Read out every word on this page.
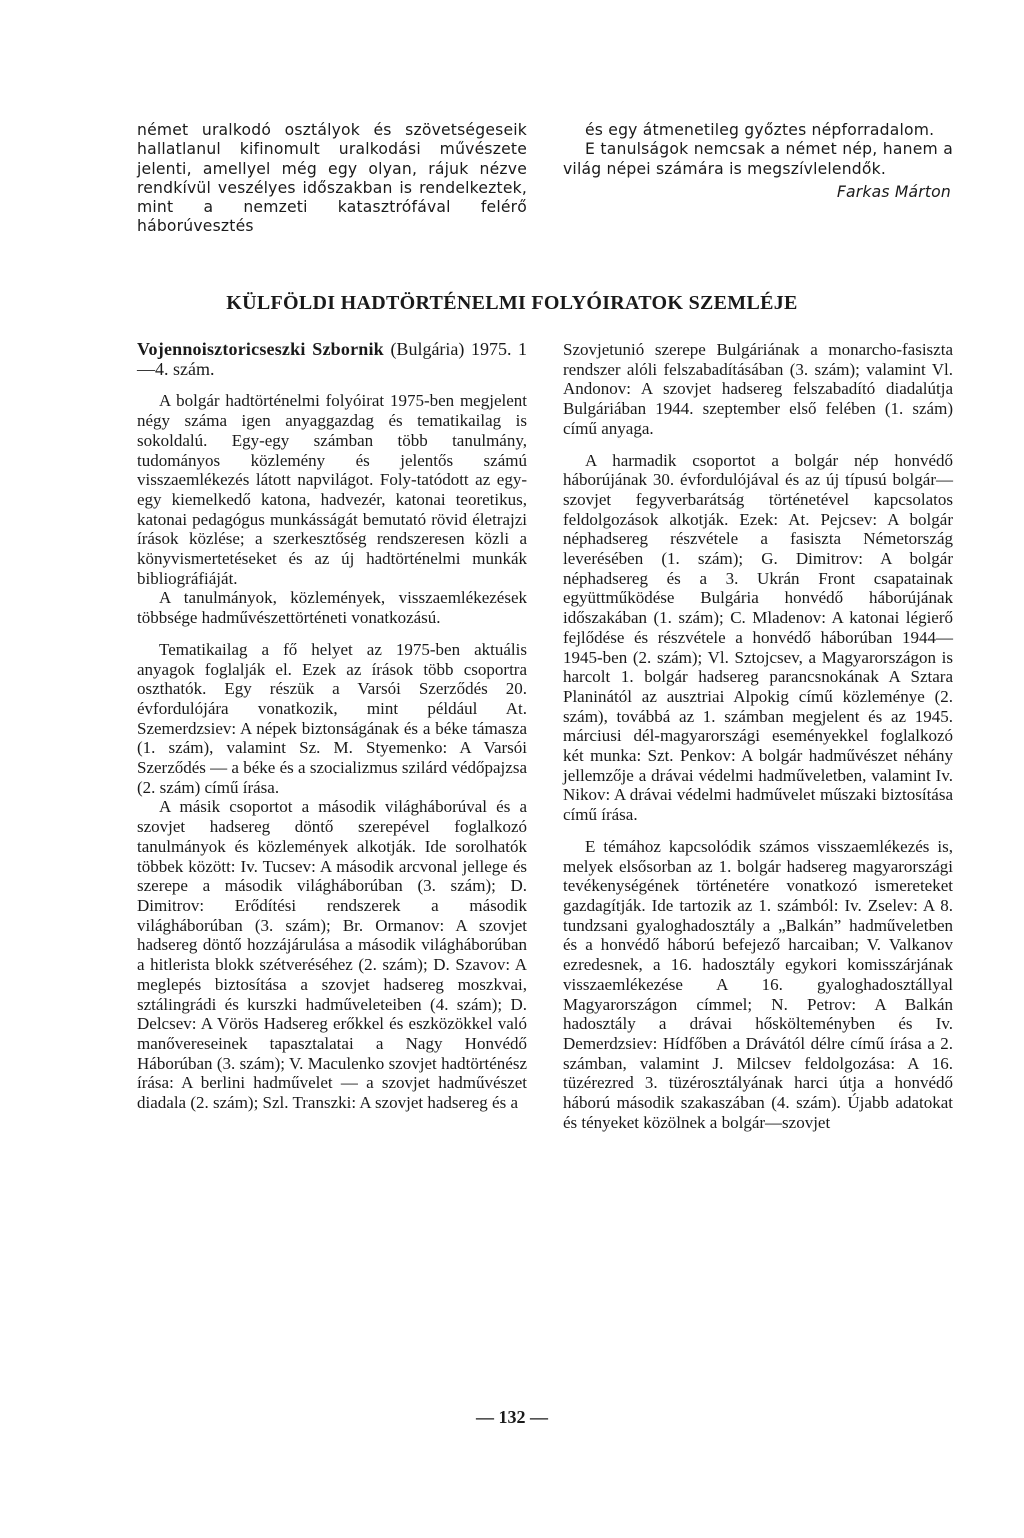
német uralkodó osztályok és szövetségeseik hallatlanul kifinomult uralkodási művészete jelenti, amellyel még egy olyan, rájuk nézve rendkívül veszélyes időszakban is rendelkeztek, mint a nemzeti katasztrófával felérő háborúvesztés

és egy átmenetileg győztes népforradalom.

E tanulságok nemcsak a német nép, hanem a világ népei számára is megszívlelendők.

Farkas Márton

KÜLFÖLDI HADTÖRTÉNELMI FOLYÓIRATOK SZEMLÉJE

Vojennoisztoricseszki Szbornik (Bulgária) 1975. 1—4. szám.

A bolgár hadtörténelmi folyóirat 1975-ben megjelent négy száma igen anyaggazdag és tematikailag is sokoldalú. Egy-egy számban több tanulmány, tudományos közlemény és jelentős számú visszaemlékezés látott napvilágot. Foly-tatódott az egy-egy kiemelkedő katona, hadvezér, katonai teoretikus, katonai pedagógus munkásságát bemutató rövid életrajzi írások közlése; a szerkesztőség rendszeresen közli a könyvismertetéseket és az új hadtörténelmi munkák bibliográfiáját.

A tanulmányok, közlemények, visszaemlékezések többsége hadművészettörténeti vonatkozású.

Tematikailag a fő helyet az 1975-ben aktuális anyagok foglalják el. Ezek az írások több csoportra oszthatók. Egy részük a Varsói Szerződés 20. évfordulójára vonatkozik, mint például At. Szemerdzsiev: A népek biztonságának és a béke támasza (1. szám), valamint Sz. M. Styemenko: A Varsói Szerződés — a béke és a szocializmus szilárd védőpajzsa (2. szám) című írása.

A másik csoportot a második világháborúval és a szovjet hadsereg döntő szerepével foglalkozó tanulmányok és közlemények alkotják. Ide sorolhatók többek között: Iv. Tucsev: A második arcvonal jellege és szerepe a második világháborúban (3. szám); D. Dimitrov: Erődítési rendszerek a második világháborúban (3. szám); Br. Ormanov: A szovjet hadsereg döntő hozzájárulása a második világháborúban a hitlerista blokk szétveréséhez (2. szám); D. Szavov: A meglepés biztosítása a szovjet hadsereg moszkvai, sztálingrádi és kurszki hadműveleteiben (4. szám); D. Delcsev: A Vörös Hadsereg erőkkel és eszközökkel való manővereseinek tapasztalatai a Nagy Honvédő Háborúban (3. szám); V. Maculenko szovjet hadtörténész írása: A berlini hadművelet — a szovjet hadművészet diadala (2. szám); Szl. Transzki: A szovjet hadsereg és a

Szovjetunió szerepe Bulgáriának a monarcho-fasiszta rendszer alóli felszabadításában (3. szám); valamint Vl. Andonov: A szovjet hadsereg felszabadító diadalútja Bulgáriában 1944. szeptember első felében (1. szám) című anyaga.

A harmadik csoportot a bolgár nép honvédő háborújának 30. évfordulójával és az új típusú bolgár—szovjet fegyverbarátság történetével kapcsolatos feldolgozások alkotják. Ezek: At. Pejcsev: A bolgár néphadsereg részvétele a fasiszta Németország leverésében (1. szám); G. Dimitrov: A bolgár néphadsereg és a 3. Ukrán Front csapatainak együttműködése Bulgária honvédő háborújának időszakában (1. szám); C. Mladenov: A katonai légierő fejlődése és részvétele a honvédő háborúban 1944—1945-ben (2. szám); Vl. Sztojcsev, a Magyarországon is harcolt 1. bolgár hadsereg parancsnokának A Sztara Planinától az ausztriai Alpokig című közleménye (2. szám), továbbá az 1. számban megjelent és az 1945. márciusi dél-magyarországi eseményekkel foglalkozó két munka: Szt. Penkov: A bolgár hadművészet néhány jellemzője a drávai védelmi hadműveletben, valamint Iv. Nikov: A drávai védelmi hadművelet műszaki biztosítása című írása.

E témához kapcsolódik számos visszaemlékezés is, melyek elsősorban az 1. bolgár hadsereg magyarországi tevékenységének történetére vonatkozó ismereteket gazdagítják. Ide tartozik az 1. számból: Iv. Zselev: A 8. tundzsani gyaloghadosztály a „Balkán” hadműveletben és a honvédő háború befejező harcaiban; V. Valkanov ezredesnek, a 16. hadosztály egykori komisszárjának visszaemlékezése A 16. gyaloghadosztállyal Magyarországon címmel; N. Petrov: A Balkán hadosztály a drávai hőskölteményben és Iv. Demerdzsiev: Hídfőben a Drávától délre című írása a 2. számban, valamint J. Milcsev feldolgozása: A 16. tüzérezred 3. tüzérosztályának harci útja a honvédő háború második szakaszában (4. szám). Újabb adatokat és tényeket közölnek a bolgár—szovjet

— 132 —
